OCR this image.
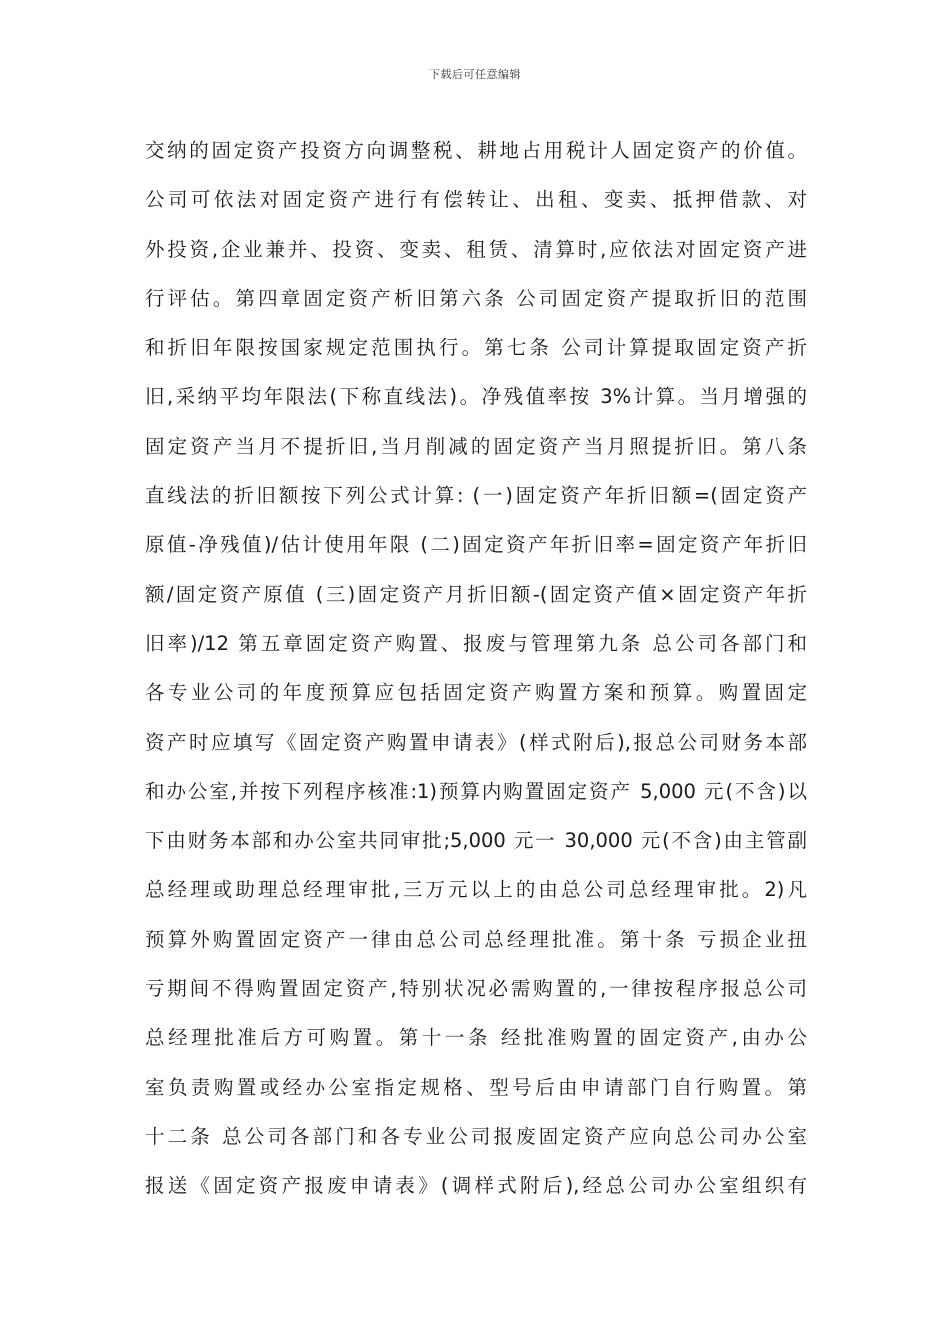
下载后可任意编辑
交纳的固定资产投资方向调整税、耕地占用税计人固定资产的价值。
公司可依法对固定资产进行有偿转让、出租、变卖、抵押借款、对
外投资,企业兼并、投资、变卖、租赁、清算时,应依法对固定资产进
行评估。第四章固定资产析旧第六条 公司固定资产提取折旧的范围
和折旧年限按国家规定范围执行。第七条 公司计算提取固定资产折
旧,采纳平均年限法(下称直线法)。净残值率按 3%计算。当月增强的
固定资产当月不提折旧,当月削减的固定资产当月照提折旧。第八条
直线法的折旧额按下列公式计算: (一)固定资产年折旧额=(固定资产
原值-净残值)/估计使用年限 (二)固定资产年折旧率=固定资产年折旧
额/固定资产原值 (三)固定资产月折旧额-(固定资产值×固定资产年折
旧率)/12 第五章固定资产购置、报废与管理第九条 总公司各部门和
各专业公司的年度预算应包括固定资产购置方案和预算。购置固定
资产时应填写《固定资产购置申请表》(样式附后),报总公司财务本部
和办公室,并按下列程序核准:1)预算内购置固定资产 5,000 元(不含)以
下由财务本部和办公室共同审批;5,000 元一 30,000 元(不含)由主管副
总经理或助理总经理审批,三万元以上的由总公司总经理审批。2)凡
预算外购置固定资产一律由总公司总经理批准。第十条 亏损企业扭
亏期间不得购置固定资产,特别状况必需购置的,一律按程序报总公司
总经理批准后方可购置。第十一条 经批准购置的固定资产,由办公
室负责购置或经办公室指定规格、型号后由申请部门自行购置。第
十二条 总公司各部门和各专业公司报废固定资产应向总公司办公室
报送《固定资产报废申请表》(调样式附后),经总公司办公室组织有
